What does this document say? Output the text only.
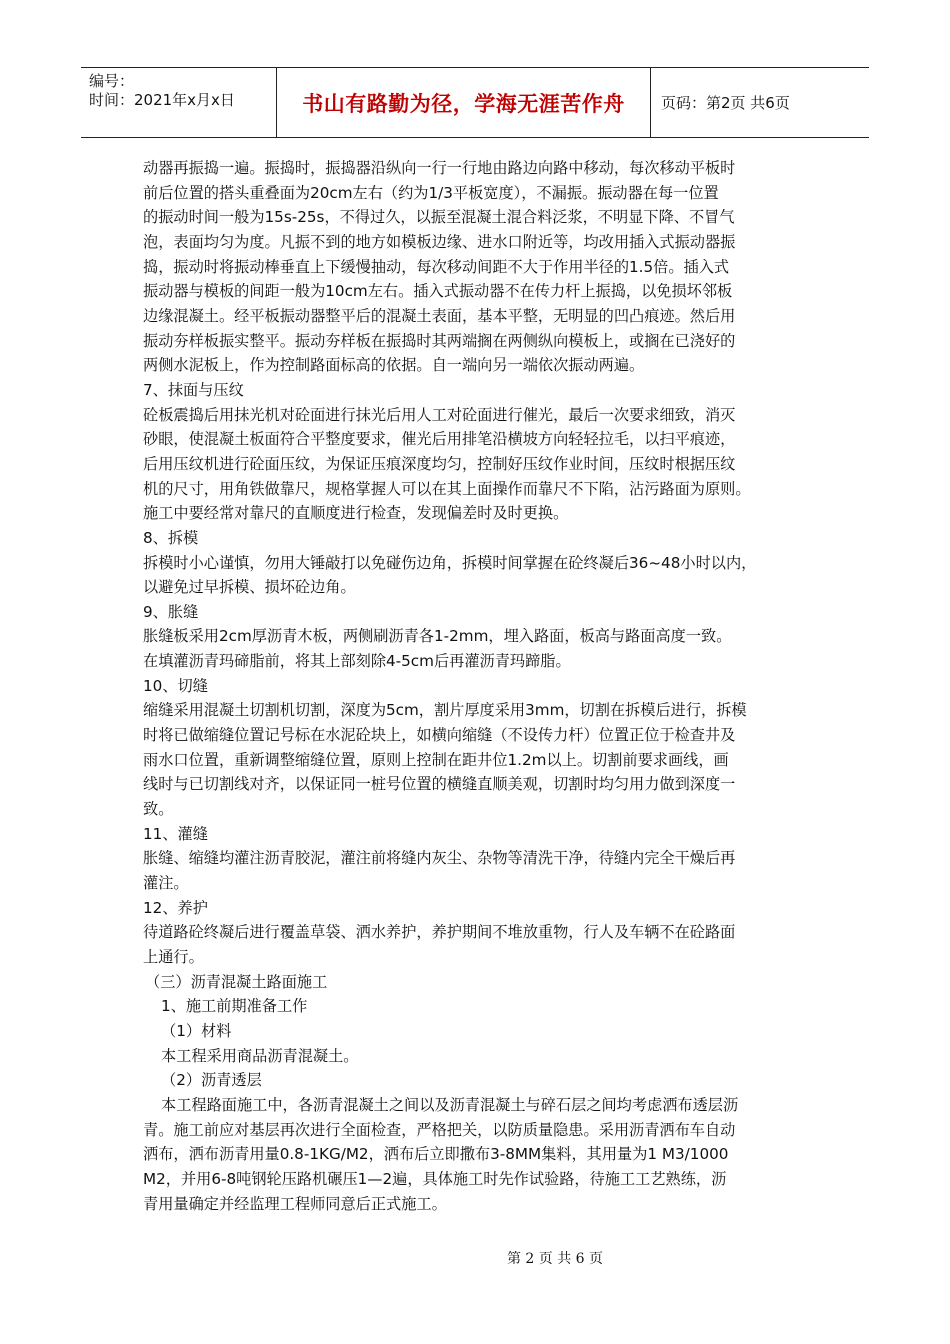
编号：
时间：2021年x月x日	书山有路勤为径，学海无涯苦作舟	页码：第2页 共6页

动器再振捣一遍。振捣时，振捣器沿纵向一行一行地由路边向路中移动，每次移动平板时

前后位置的搭头重叠面为20cm左右（约为1/3平板宽度），不漏振。振动器在每一位置

的振动时间一般为15s-25s，不得过久，以振至混凝土混合料泛浆，不明显下降、不冒气

泡，表面均匀为度。凡振不到的地方如模板边缘、进水口附近等，均改用插入式振动器振

捣，振动时将振动棒垂直上下缓慢抽动，每次移动间距不大于作用半径的1.5倍。插入式

振动器与模板的间距一般为10cm左右。插入式振动器不在传力杆上振捣，以免损坏邻板

边缘混凝土。经平板振动器整平后的混凝土表面，基本平整，无明显的凹凸痕迹。然后用

振动夯样板振实整平。振动夯样板在振捣时其两端搁在两侧纵向模板上，或搁在已浇好的

两侧水泥板上，作为控制路面标高的依据。自一端向另一端依次振动两遍。

7、抹面与压纹

砼板震捣后用抹光机对砼面进行抹光后用人工对砼面进行催光，最后一次要求细致，消灭

砂眼，使混凝土板面符合平整度要求，催光后用排笔沿横坡方向轻轻拉毛，以扫平痕迹，

后用压纹机进行砼面压纹，为保证压痕深度均匀，控制好压纹作业时间，压纹时根据压纹

机的尺寸，用角铁做靠尺，规格掌握人可以在其上面操作而靠尺不下陷，沾污路面为原则。

施工中要经常对靠尺的直顺度进行检查，发现偏差时及时更换。

8、拆模

拆模时小心谨慎，勿用大锤敲打以免碰伤边角，拆模时间掌握在砼终凝后36~48小时以内，

以避免过早拆模、损坏砼边角。

9、胀缝

胀缝板采用2cm厚沥青木板，两侧刷沥青各1-2mm，埋入路面，板高与路面高度一致。

在填灌沥青玛碲脂前，将其上部刻除4-5cm后再灌沥青玛蹄脂。

10、切缝

缩缝采用混凝土切割机切割，深度为5cm，割片厚度采用3mm，切割在拆模后进行，拆模

时将已做缩缝位置记号标在水泥砼块上，如横向缩缝（不设传力杆）位置正位于检查井及

雨水口位置，重新调整缩缝位置，原则上控制在距井位1.2m以上。切割前要求画线，画

线时与已切割线对齐，以保证同一桩号位置的横缝直顺美观，切割时均匀用力做到深度一

致。

11、灌缝

胀缝、缩缝均灌注沥青胶泥，灌注前将缝内灰尘、杂物等清洗干净，待缝内完全干燥后再

灌注。

12、养护

待道路砼终凝后进行覆盖草袋、洒水养护，养护期间不堆放重物，行人及车辆不在砼路面

上通行。

（三）沥青混凝土路面施工

1、施工前期准备工作

（1）材料

本工程采用商品沥青混凝土。

（2）沥青透层

本工程路面施工中，各沥青混凝土之间以及沥青混凝土与碎石层之间均考虑洒布透层沥

青。施工前应对基层再次进行全面检查，严格把关，以防质量隐患。采用沥青洒布车自动

洒布，洒布沥青用量0.8-1KG/M2，洒布后立即撒布3-8MM集料，其用量为1 M3/1000

M2，并用6-8吨钢轮压路机碾压1—2遍，具体施工时先作试验路，待施工工艺熟练，沥

青用量确定并经监理工程师同意后正式施工。

第 2 页 共 6 页
